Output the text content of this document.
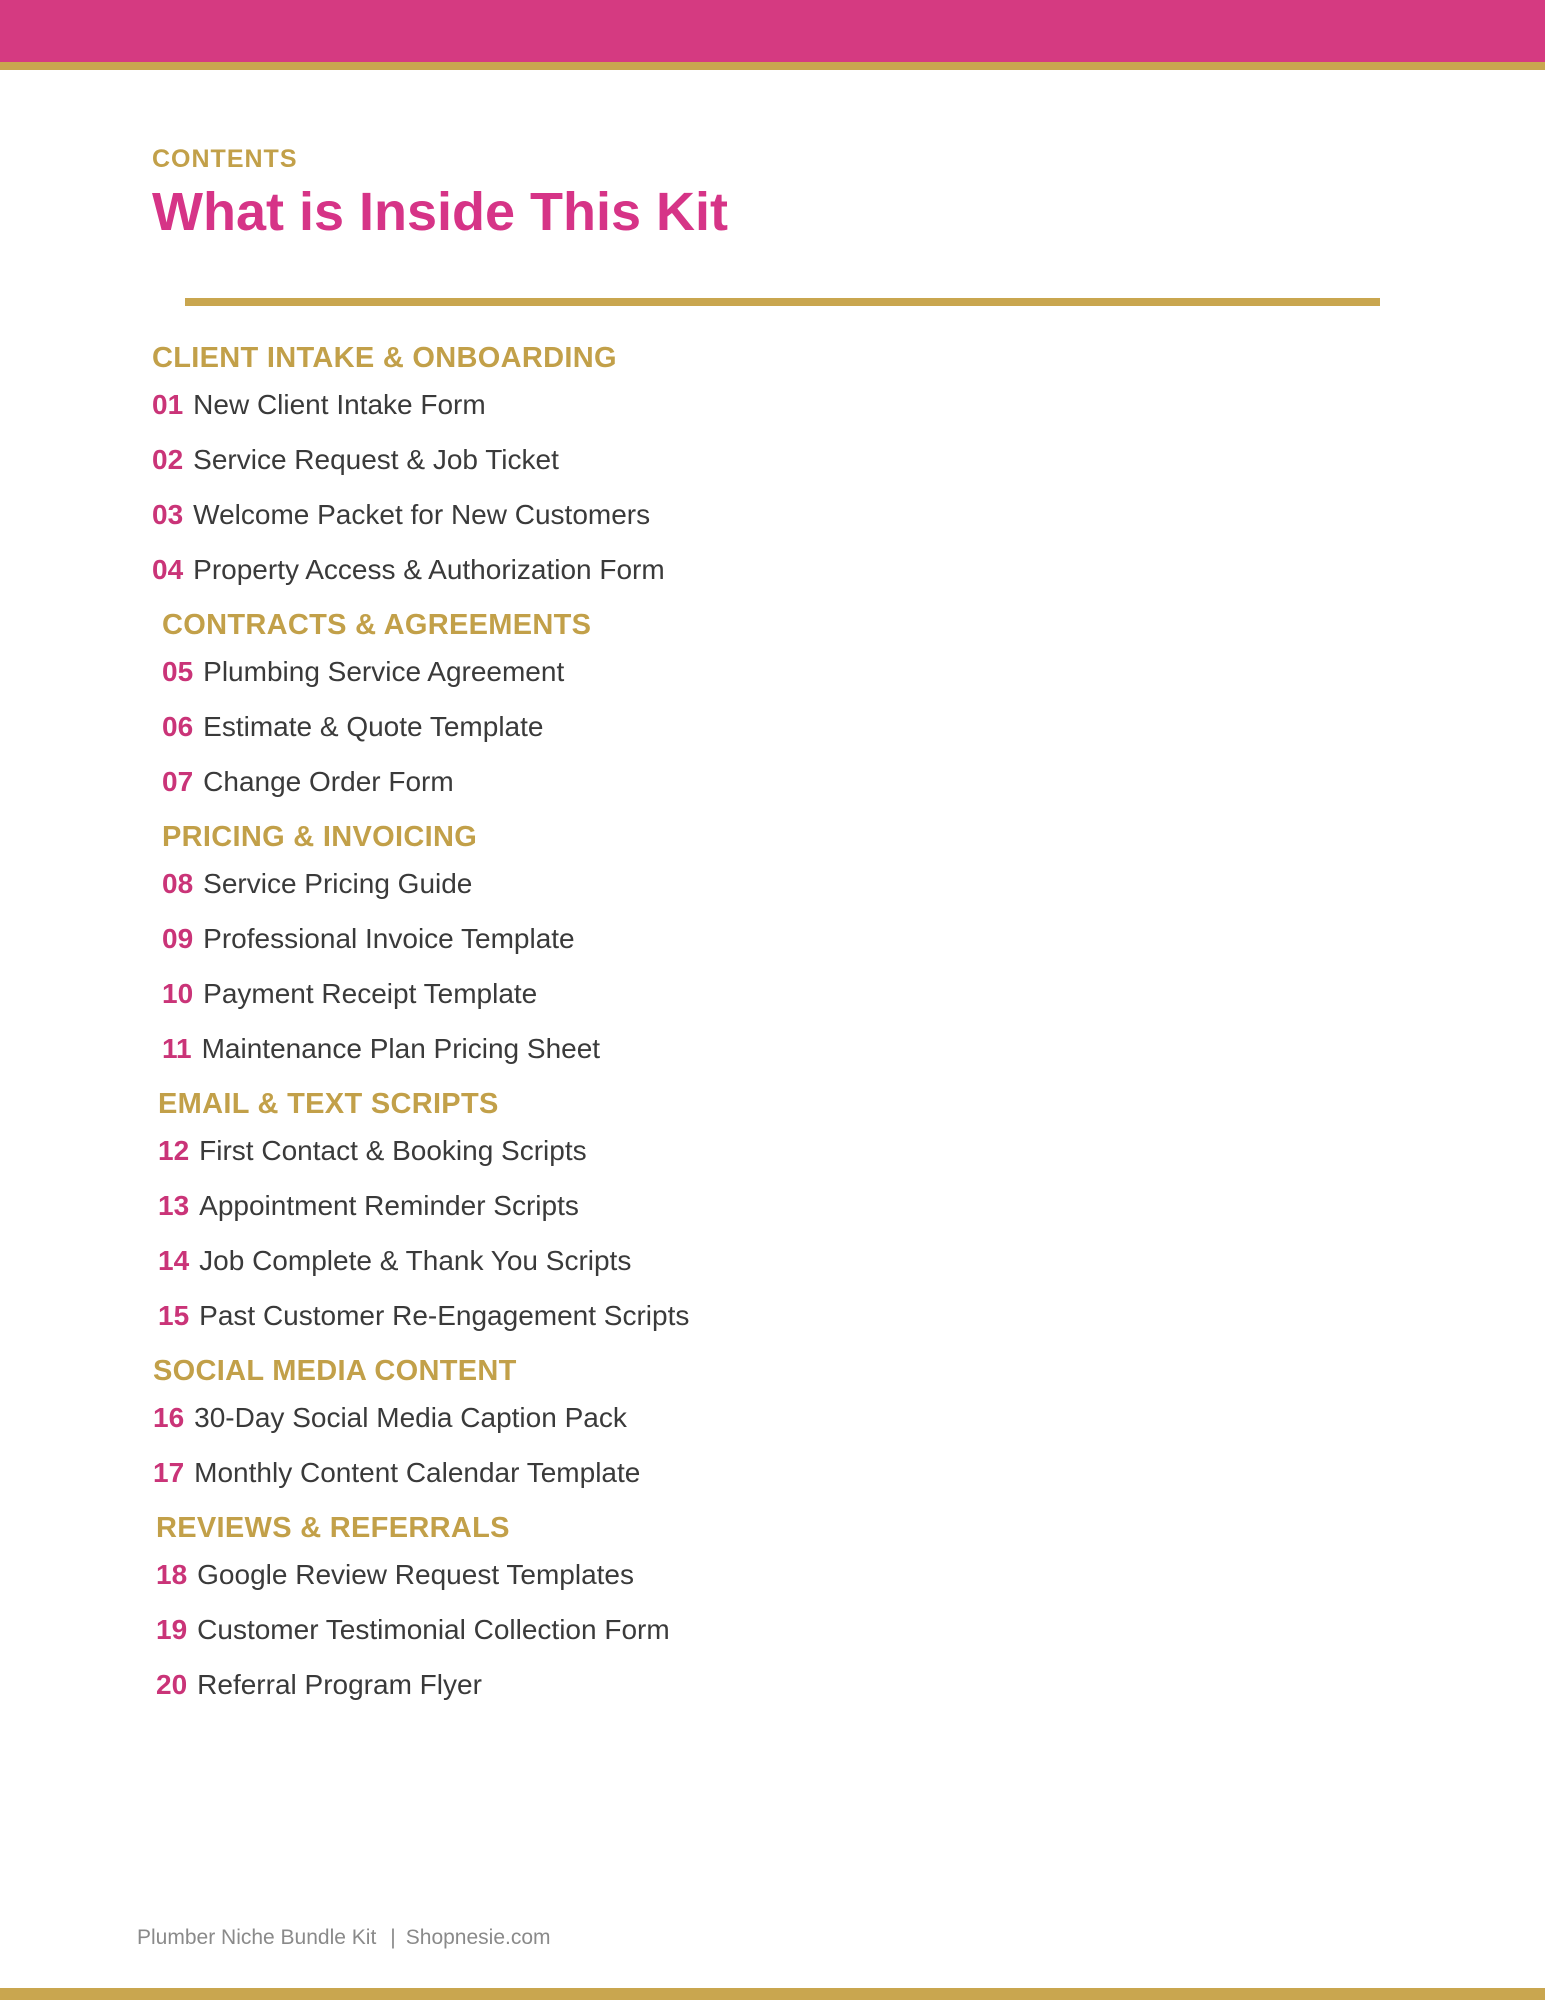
CONTENTS
What is Inside This Kit
CLIENT INTAKE & ONBOARDING
01 New Client Intake Form
02 Service Request & Job Ticket
03 Welcome Packet for New Customers
04 Property Access & Authorization Form
CONTRACTS & AGREEMENTS
05 Plumbing Service Agreement
06 Estimate & Quote Template
07 Change Order Form
PRICING & INVOICING
08 Service Pricing Guide
09 Professional Invoice Template
10 Payment Receipt Template
11 Maintenance Plan Pricing Sheet
EMAIL & TEXT SCRIPTS
12 First Contact & Booking Scripts
13 Appointment Reminder Scripts
14 Job Complete & Thank You Scripts
15 Past Customer Re-Engagement Scripts
SOCIAL MEDIA CONTENT
16 30-Day Social Media Caption Pack
17 Monthly Content Calendar Template
REVIEWS & REFERRALS
18 Google Review Request Templates
19 Customer Testimonial Collection Form
20 Referral Program Flyer
Plumber Niche Bundle Kit | Shopnesie.com
